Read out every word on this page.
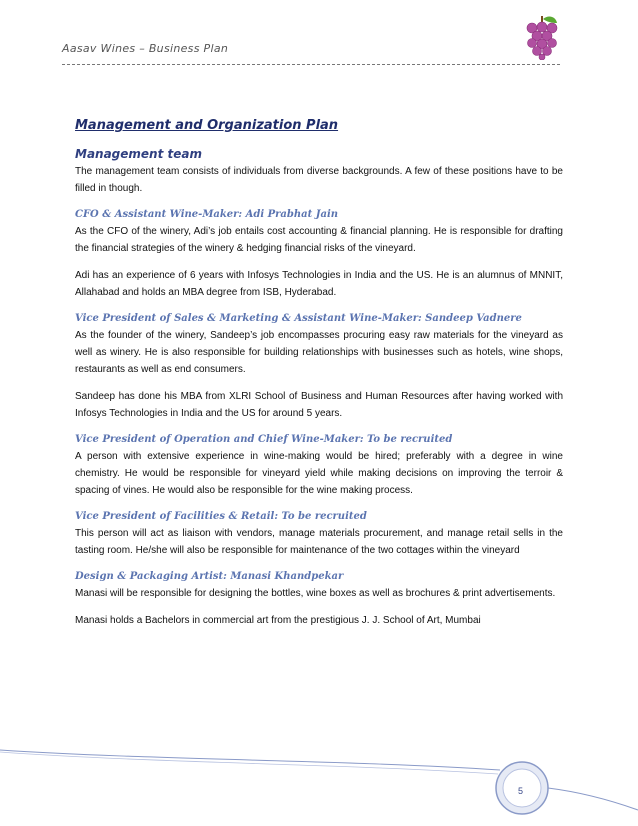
Aasav Wines – Business Plan
Management and Organization Plan
Management team

The management team consists of individuals from diverse backgrounds. A few of these positions have to be filled in though.

CFO & Assistant Wine-Maker: Adi Prabhat Jain

As the CFO of the winery, Adi’s job entails cost accounting & financial planning. He is responsible for drafting the financial strategies of the winery & hedging financial risks of the vineyard.

Adi has an experience of 6 years with Infosys Technologies in India and the US. He is an alumnus of MNNIT, Allahabad and holds an MBA degree from ISB, Hyderabad.

Vice President of Sales & Marketing & Assistant Wine-Maker: Sandeep Vadnere

As the founder of the winery, Sandeep’s job encompasses procuring easy raw materials for the vineyard as well as winery. He is also responsible for building relationships with businesses such as hotels, wine shops, restaurants as well as end consumers.

Sandeep has done his MBA from XLRI School of Business and Human Resources after having worked with Infosys Technologies in India and the US for around 5 years.

Vice President of Operation and Chief Wine-Maker: To be recruited

A person with extensive experience in wine-making would be hired; preferably with a degree in wine chemistry. He would be responsible for vineyard yield while making decisions on improving the terroir & spacing of vines. He would also be responsible for the wine making process.

Vice President of Facilities & Retail: To be recruited

This person will act as liaison with vendors, manage materials procurement, and manage retail sells in the tasting room. He/she will also be responsible for maintenance of the two cottages within the vineyard

Design & Packaging Artist: Manasi Khandpekar

Manasi will be responsible for designing the bottles, wine boxes as well as brochures & print advertisements.

Manasi holds a Bachelors in commercial art from the prestigious J. J. School of Art, Mumbai

5
